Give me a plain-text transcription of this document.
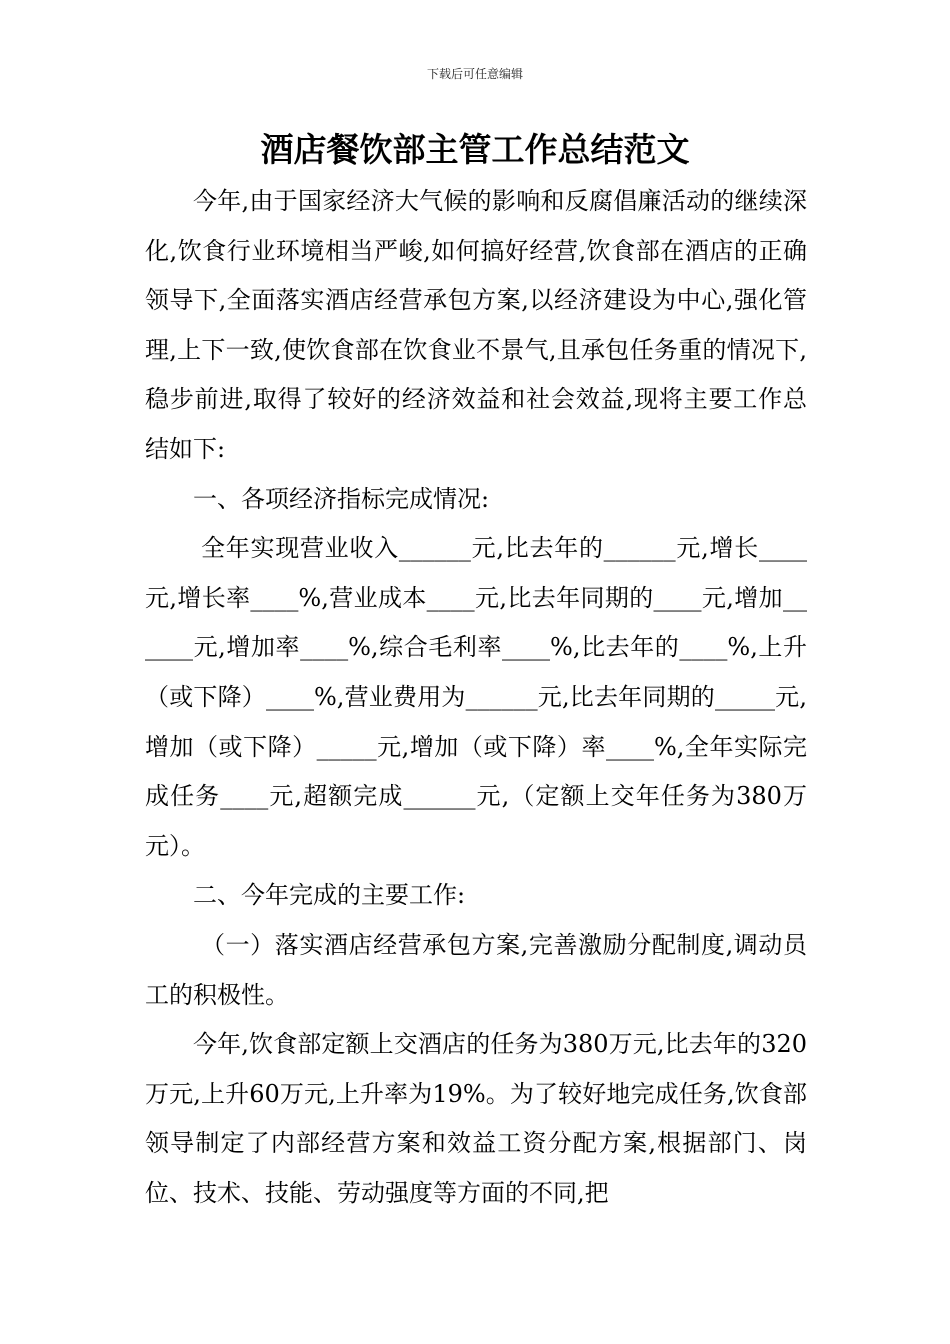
下载后可任意编辑
酒店餐饮部主管工作总结范文

今年,由于国家经济大气候的影响和反腐倡廉活动的继续深化,饮食行业环境相当严峻,如何搞好经营,饮食部在酒店的正确领导下,全面落实酒店经营承包方案,以经济建设为中心,强化管理,上下一致,使饮食部在饮食业不景气,且承包任务重的情况下,稳步前进,取得了较好的经济效益和社会效益,现将主要工作总结如下:

一、各项经济指标完成情况:

全年实现营业收入______元,比去年的______元,增长____元,增长率____%,营业成本____元,比去年同期的____元,增加______元,增加率____%,综合毛利率____%,比去年的____%,上升（或下降）____%,营业费用为______元,比去年同期的_____元,增加（或下降）_____元,增加（或下降）率____%,全年实际完成任务____元,超额完成______元,（定额上交年任务为380万元）。

二、今年完成的主要工作:

（一）落实酒店经营承包方案,完善激励分配制度,调动员工的积极性。

今年,饮食部定额上交酒店的任务为380万元,比去年的320万元,上升60万元,上升率为19%。为了较好地完成任务,饮食部领导制定了内部经营方案和效益工资分配方案,根据部门、岗位、技术、技能、劳动强度等方面的不同,把
